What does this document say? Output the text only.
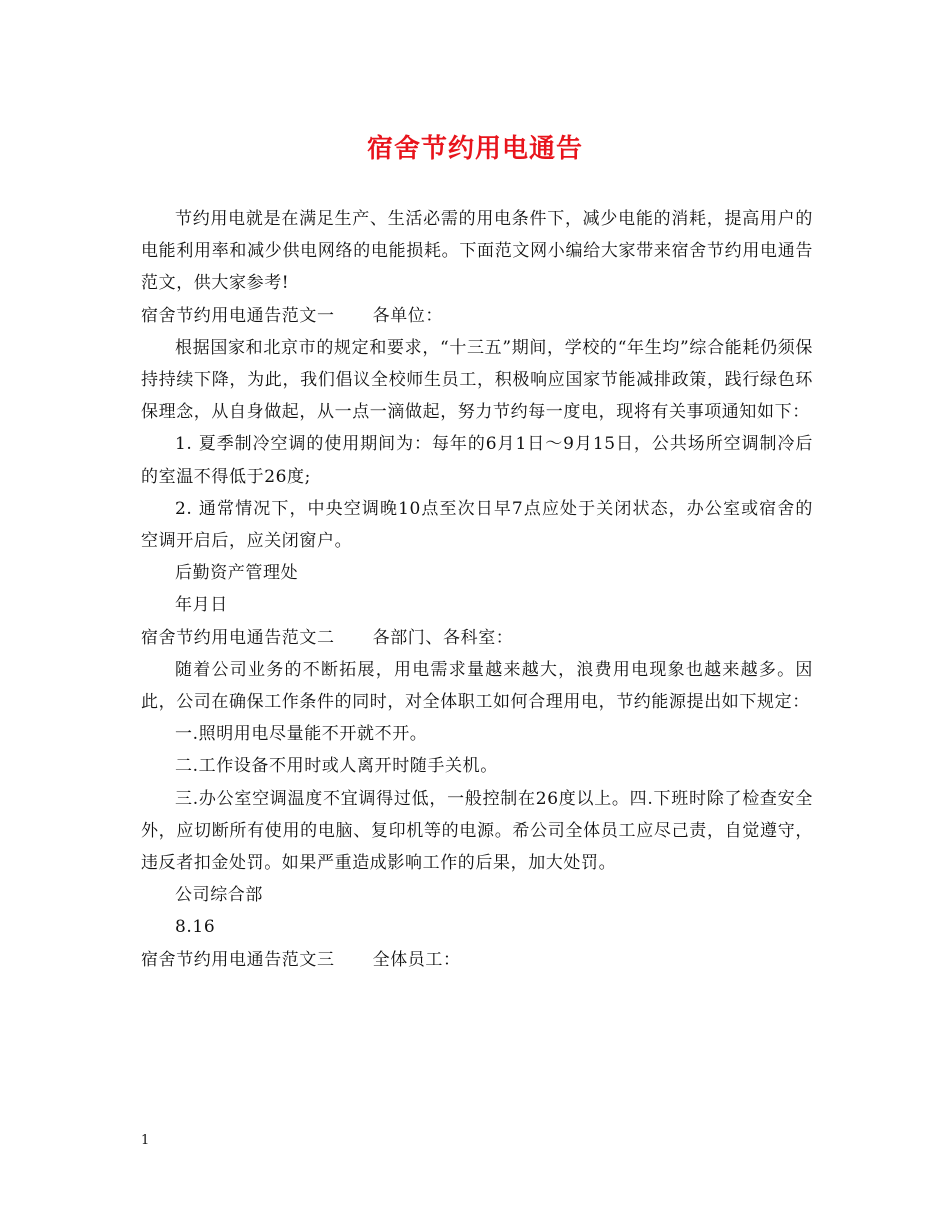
宿舍节约用电通告

节约用电就是在满足生产、生活必需的用电条件下，减少电能的消耗，提高用户的电能利用率和减少供电网络的电能损耗。下面范文网小编给大家带来宿舍节约用电通告范文，供大家参考!

宿舍节约用电通告范文一 各单位：

根据国家和北京市的规定和要求，“十三五”期间，学校的“年生均”综合能耗仍须保持持续下降，为此，我们倡议全校师生员工，积极响应国家节能减排政策，践行绿色环保理念，从自身做起，从一点一滴做起，努力节约每一度电，现将有关事项通知如下：

1. 夏季制冷空调的使用期间为：每年的6月1日～9月15日，公共场所空调制冷后的室温不得低于26度;

2. 通常情况下，中央空调晚10点至次日早7点应处于关闭状态，办公室或宿舍的空调开启后，应关闭窗户。

后勤资产管理处

年月日

宿舍节约用电通告范文二 各部门、各科室：

随着公司业务的不断拓展，用电需求量越来越大，浪费用电现象也越来越多。因此，公司在确保工作条件的同时，对全体职工如何合理用电，节约能源提出如下规定：

一.照明用电尽量能不开就不开。

二.工作设备不用时或人离开时随手关机。

三.办公室空调温度不宜调得过低，一般控制在26度以上。四.下班时除了检查安全外，应切断所有使用的电脑、复印机等的电源。希公司全体员工应尽己责，自觉遵守，违反者扣金处罚。如果严重造成影响工作的后果，加大处罚。

公司综合部

8.16

宿舍节约用电通告范文三 全体员工：

1
